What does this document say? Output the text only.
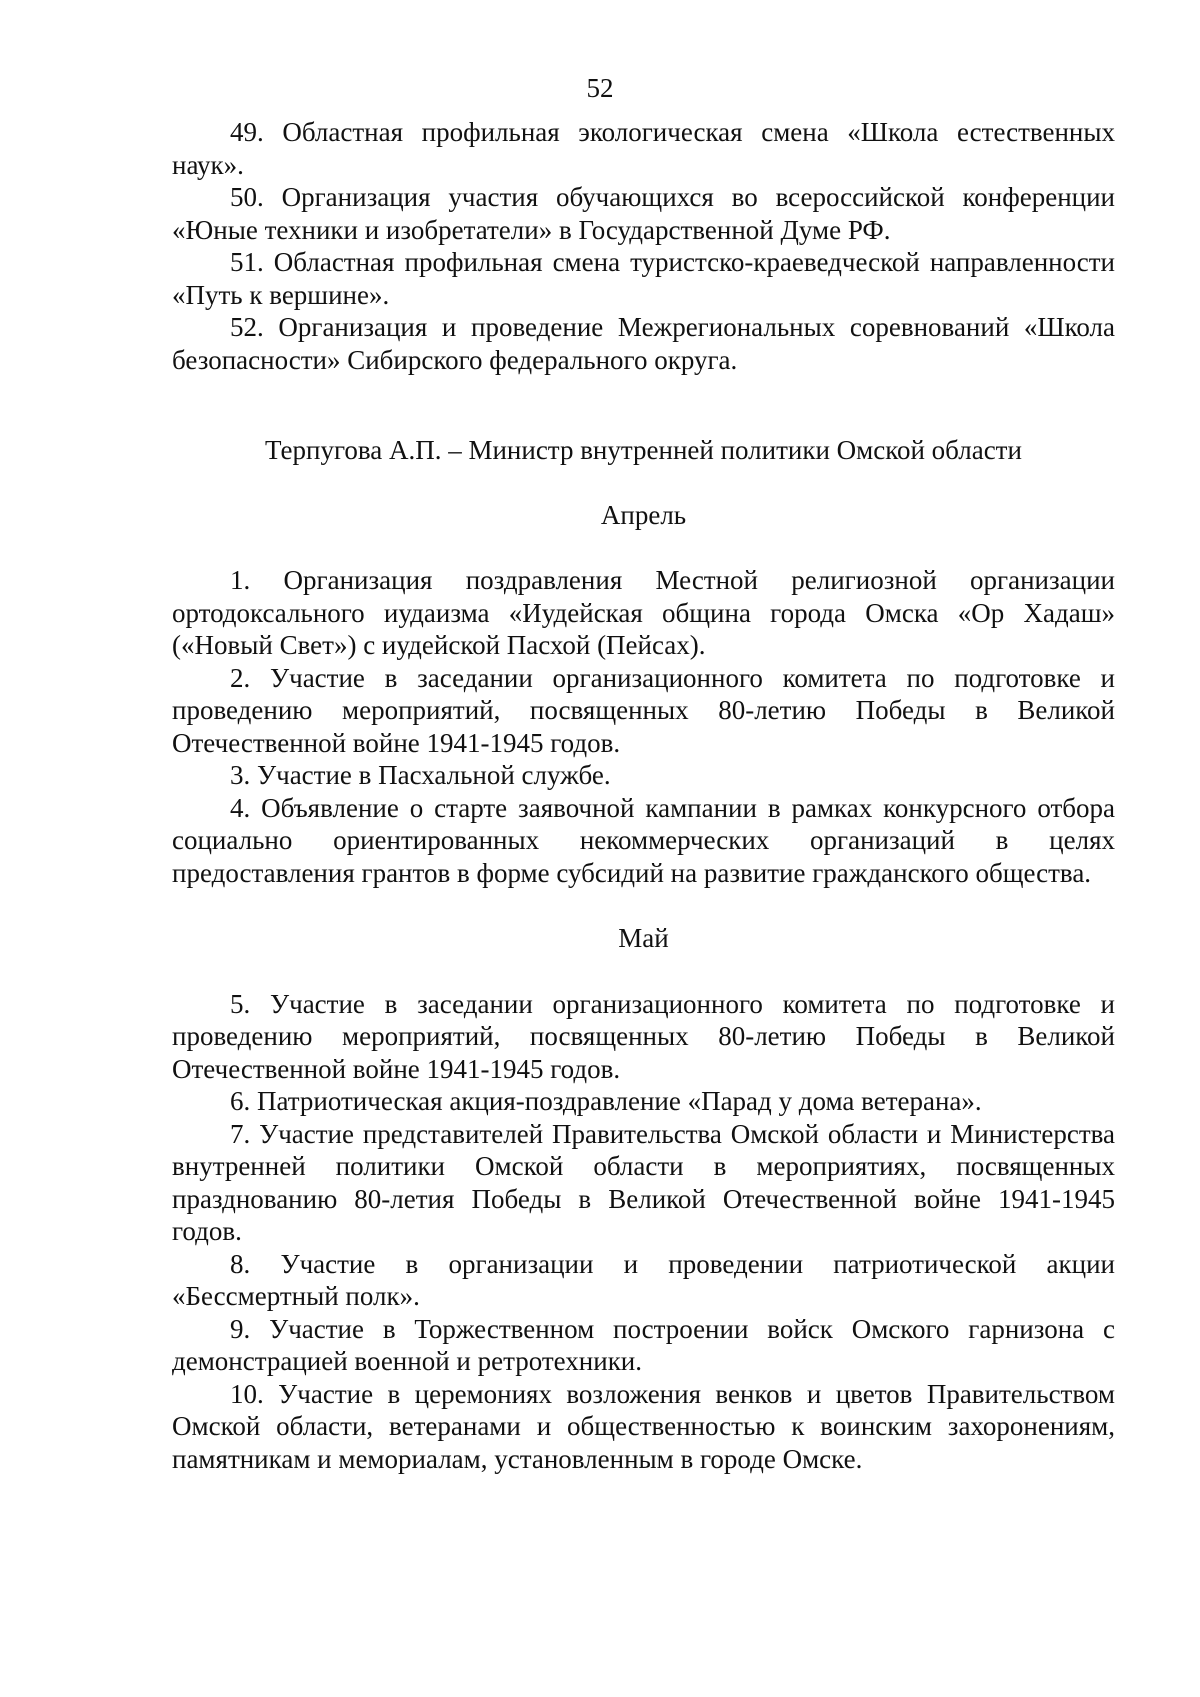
52

49. Областная профильная экологическая смена «Школа естественных наук».

50. Организация участия обучающихся во всероссийской конференции «Юные техники и изобретатели» в Государственной Думе РФ.

51. Областная профильная смена туристско-краеведческой направленности «Путь к вершине».

52. Организация и проведение Межрегиональных соревнований «Школа безопасности» Сибирского федерального округа.

Терпугова А.П. – Министр внутренней политики Омской области

Апрель

1. Организация поздравления Местной религиозной организации ортодоксального иудаизма «Иудейская община города Омска «Ор Хадаш» («Новый Свет») с иудейской Пасхой (Пейсах).

2. Участие в заседании организационного комитета по подготовке и проведению мероприятий, посвященных 80-летию Победы в Великой Отечественной войне 1941-1945 годов.

3. Участие в Пасхальной службе.

4. Объявление о старте заявочной кампании в рамках конкурсного отбора социально ориентированных некоммерческих организаций в целях предоставления грантов в форме субсидий на развитие гражданского общества.

Май

5. Участие в заседании организационного комитета по подготовке и проведению мероприятий, посвященных 80-летию Победы в Великой Отечественной войне 1941-1945 годов.

6. Патриотическая акция-поздравление «Парад у дома ветерана».

7. Участие представителей Правительства Омской области и Министерства внутренней политики Омской области в мероприятиях, посвященных празднованию 80-летия Победы в Великой Отечественной войне 1941-1945 годов.

8. Участие в организации и проведении патриотической акции «Бессмертный полк».

9. Участие в Торжественном построении войск Омского гарнизона с демонстрацией военной и ретротехники.

10. Участие в церемониях возложения венков и цветов Правительством Омской области, ветеранами и общественностью к воинским захоронениям, памятникам и мемориалам, установленным в городе Омске.
